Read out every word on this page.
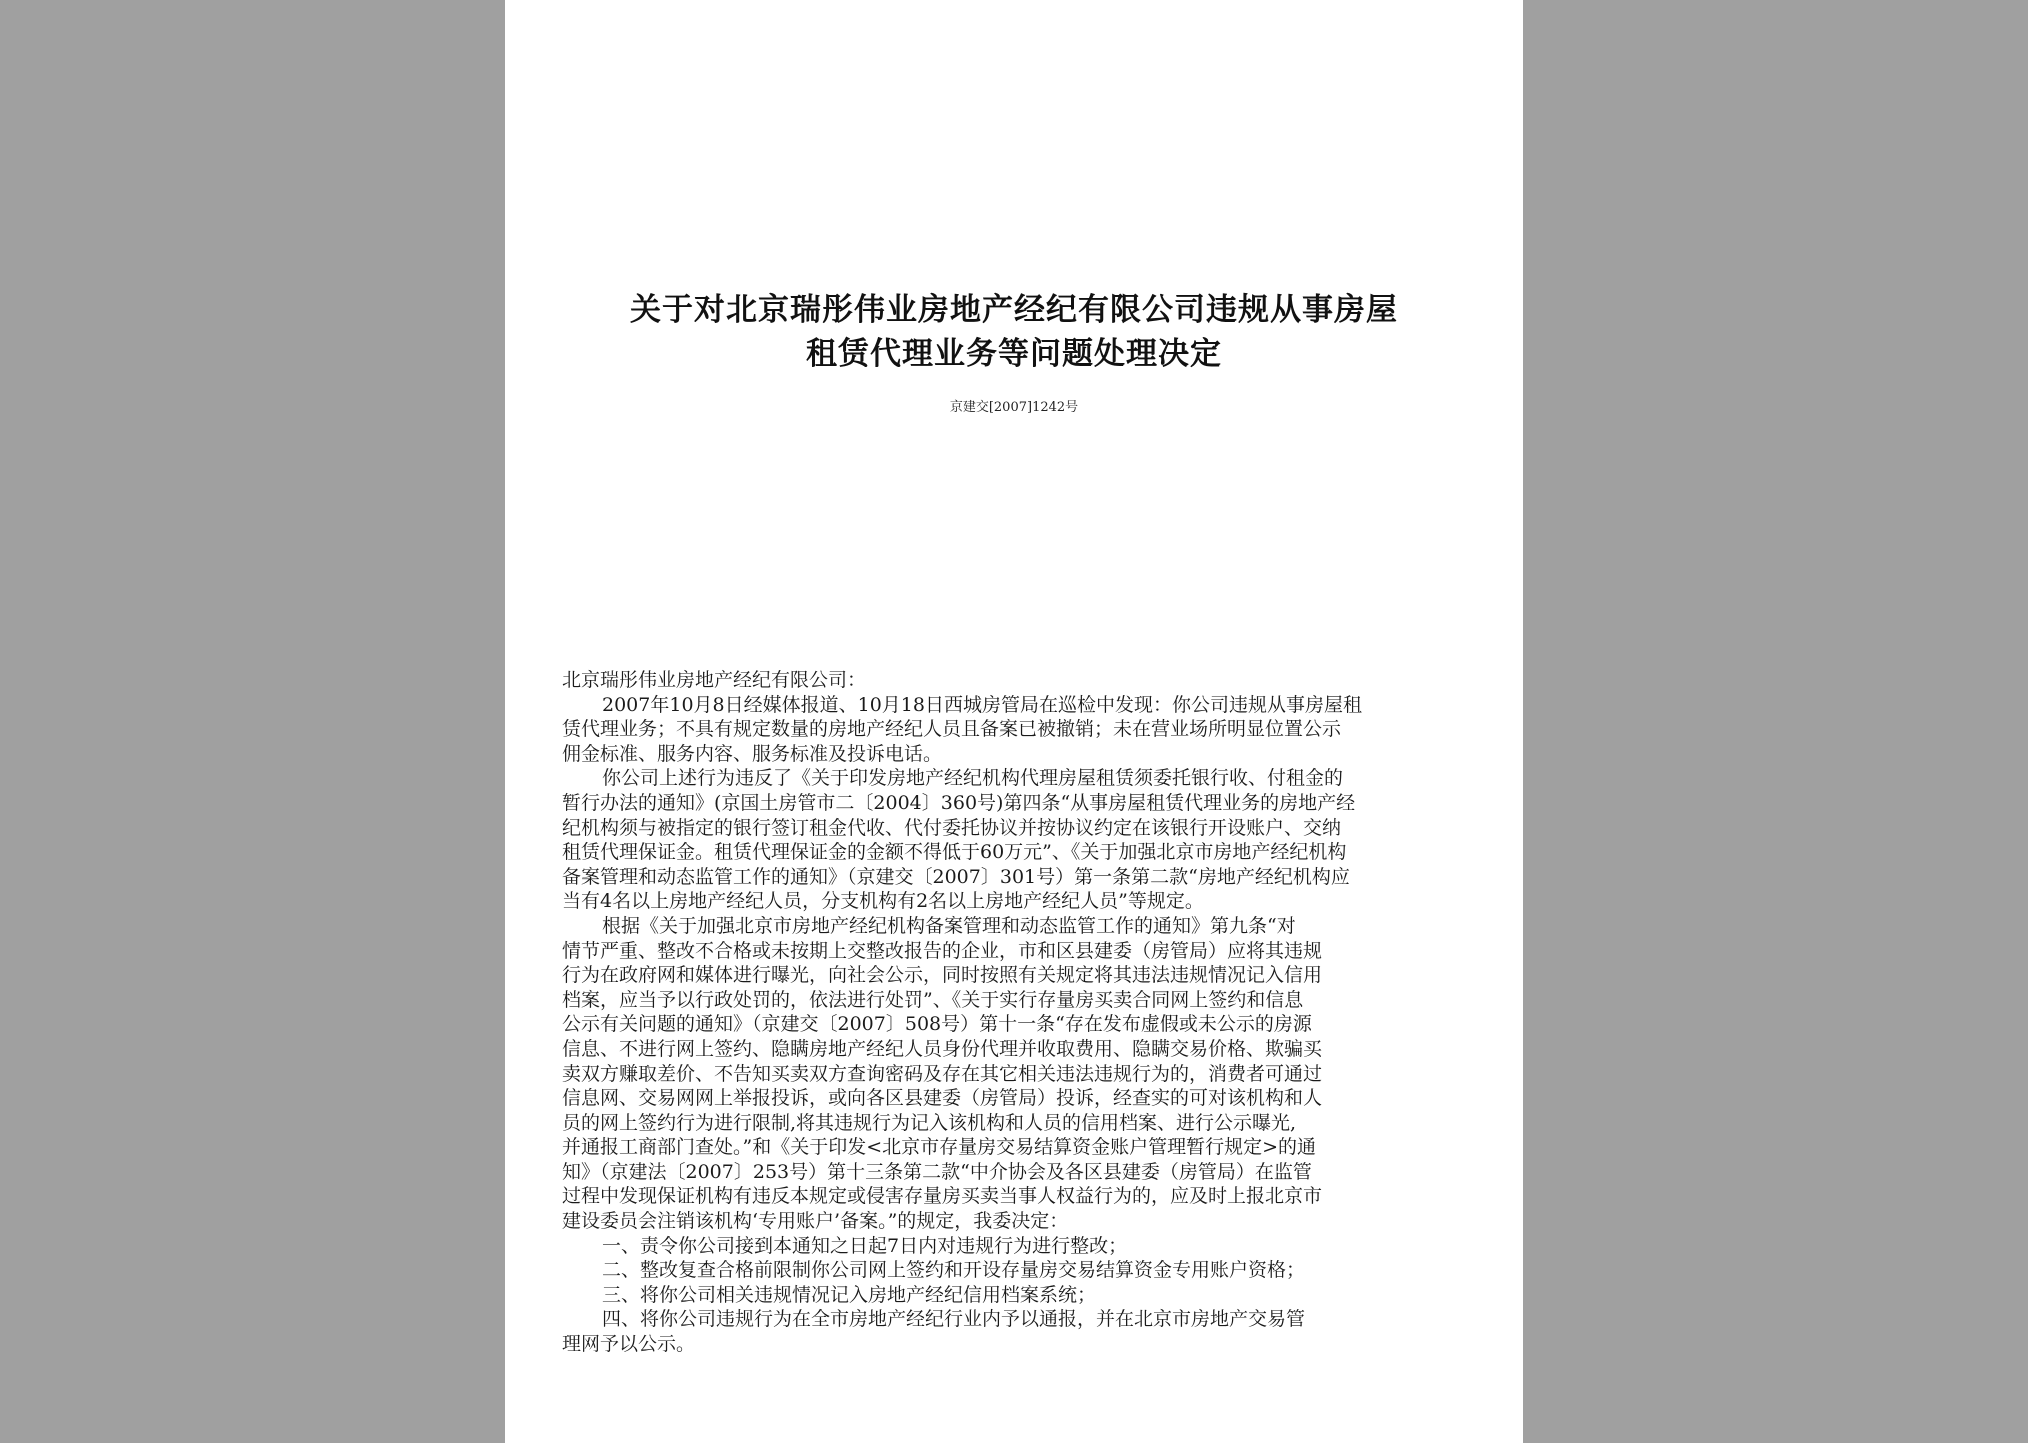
关于对北京瑞彤伟业房地产经纪有限公司违规从事房屋
租赁代理业务等问题处理决定
京建交[2007]1242号
北京瑞彤伟业房地产经纪有限公司：
2007年10月8日经媒体报道、10月18日西城房管局在巡检中发现：你公司违规从事房屋租
赁代理业务；不具有规定数量的房地产经纪人员且备案已被撤销；未在营业场所明显位置公示
佣金标准、服务内容、服务标准及投诉电话。
你公司上述行为违反了《关于印发房地产经纪机构代理房屋租赁须委托银行收、付租金的
暂行办法的通知》(京国土房管市二〔2004〕360号)第四条“从事房屋租赁代理业务的房地产经
纪机构须与被指定的银行签订租金代收、代付委托协议并按协议约定在该银行开设账户、交纳
租赁代理保证金。租赁代理保证金的金额不得低于60万元”、《关于加强北京市房地产经纪机构
备案管理和动态监管工作的通知》（京建交〔2007〕301号）第一条第二款“房地产经纪机构应
当有4名以上房地产经纪人员，分支机构有2名以上房地产经纪人员”等规定。
根据《关于加强北京市房地产经纪机构备案管理和动态监管工作的通知》第九条“对
情节严重、整改不合格或未按期上交整改报告的企业，市和区县建委（房管局）应将其违规
行为在政府网和媒体进行曝光，向社会公示，同时按照有关规定将其违法违规情况记入信用
档案，应当予以行政处罚的，依法进行处罚”、《关于实行存量房买卖合同网上签约和信息
公示有关问题的通知》（京建交〔2007〕508号）第十一条“存在发布虚假或未公示的房源
信息、不进行网上签约、隐瞒房地产经纪人员身份代理并收取费用、隐瞒交易价格、欺骗买
卖双方赚取差价、不告知买卖双方查询密码及存在其它相关违法违规行为的，消费者可通过
信息网、交易网网上举报投诉，或向各区县建委（房管局）投诉，经查实的可对该机构和人
员的网上签约行为进行限制,将其违规行为记入该机构和人员的信用档案、进行公示曝光,
并通报工商部门查处。”和《关于印发<北京市存量房交易结算资金账户管理暂行规定>的通
知》（京建法〔2007〕253号）第十三条第二款“中介协会及各区县建委（房管局）在监管
过程中发现保证机构有违反本规定或侵害存量房买卖当事人权益行为的，应及时上报北京市
建设委员会注销该机构‘专用账户’备案。”的规定，我委决定：
一、责令你公司接到本通知之日起7日内对违规行为进行整改；
二、整改复查合格前限制你公司网上签约和开设存量房交易结算资金专用账户资格；
三、将你公司相关违规情况记入房地产经纪信用档案系统；
四、将你公司违规行为在全市房地产经纪行业内予以通报，并在北京市房地产交易管
理网予以公示。
